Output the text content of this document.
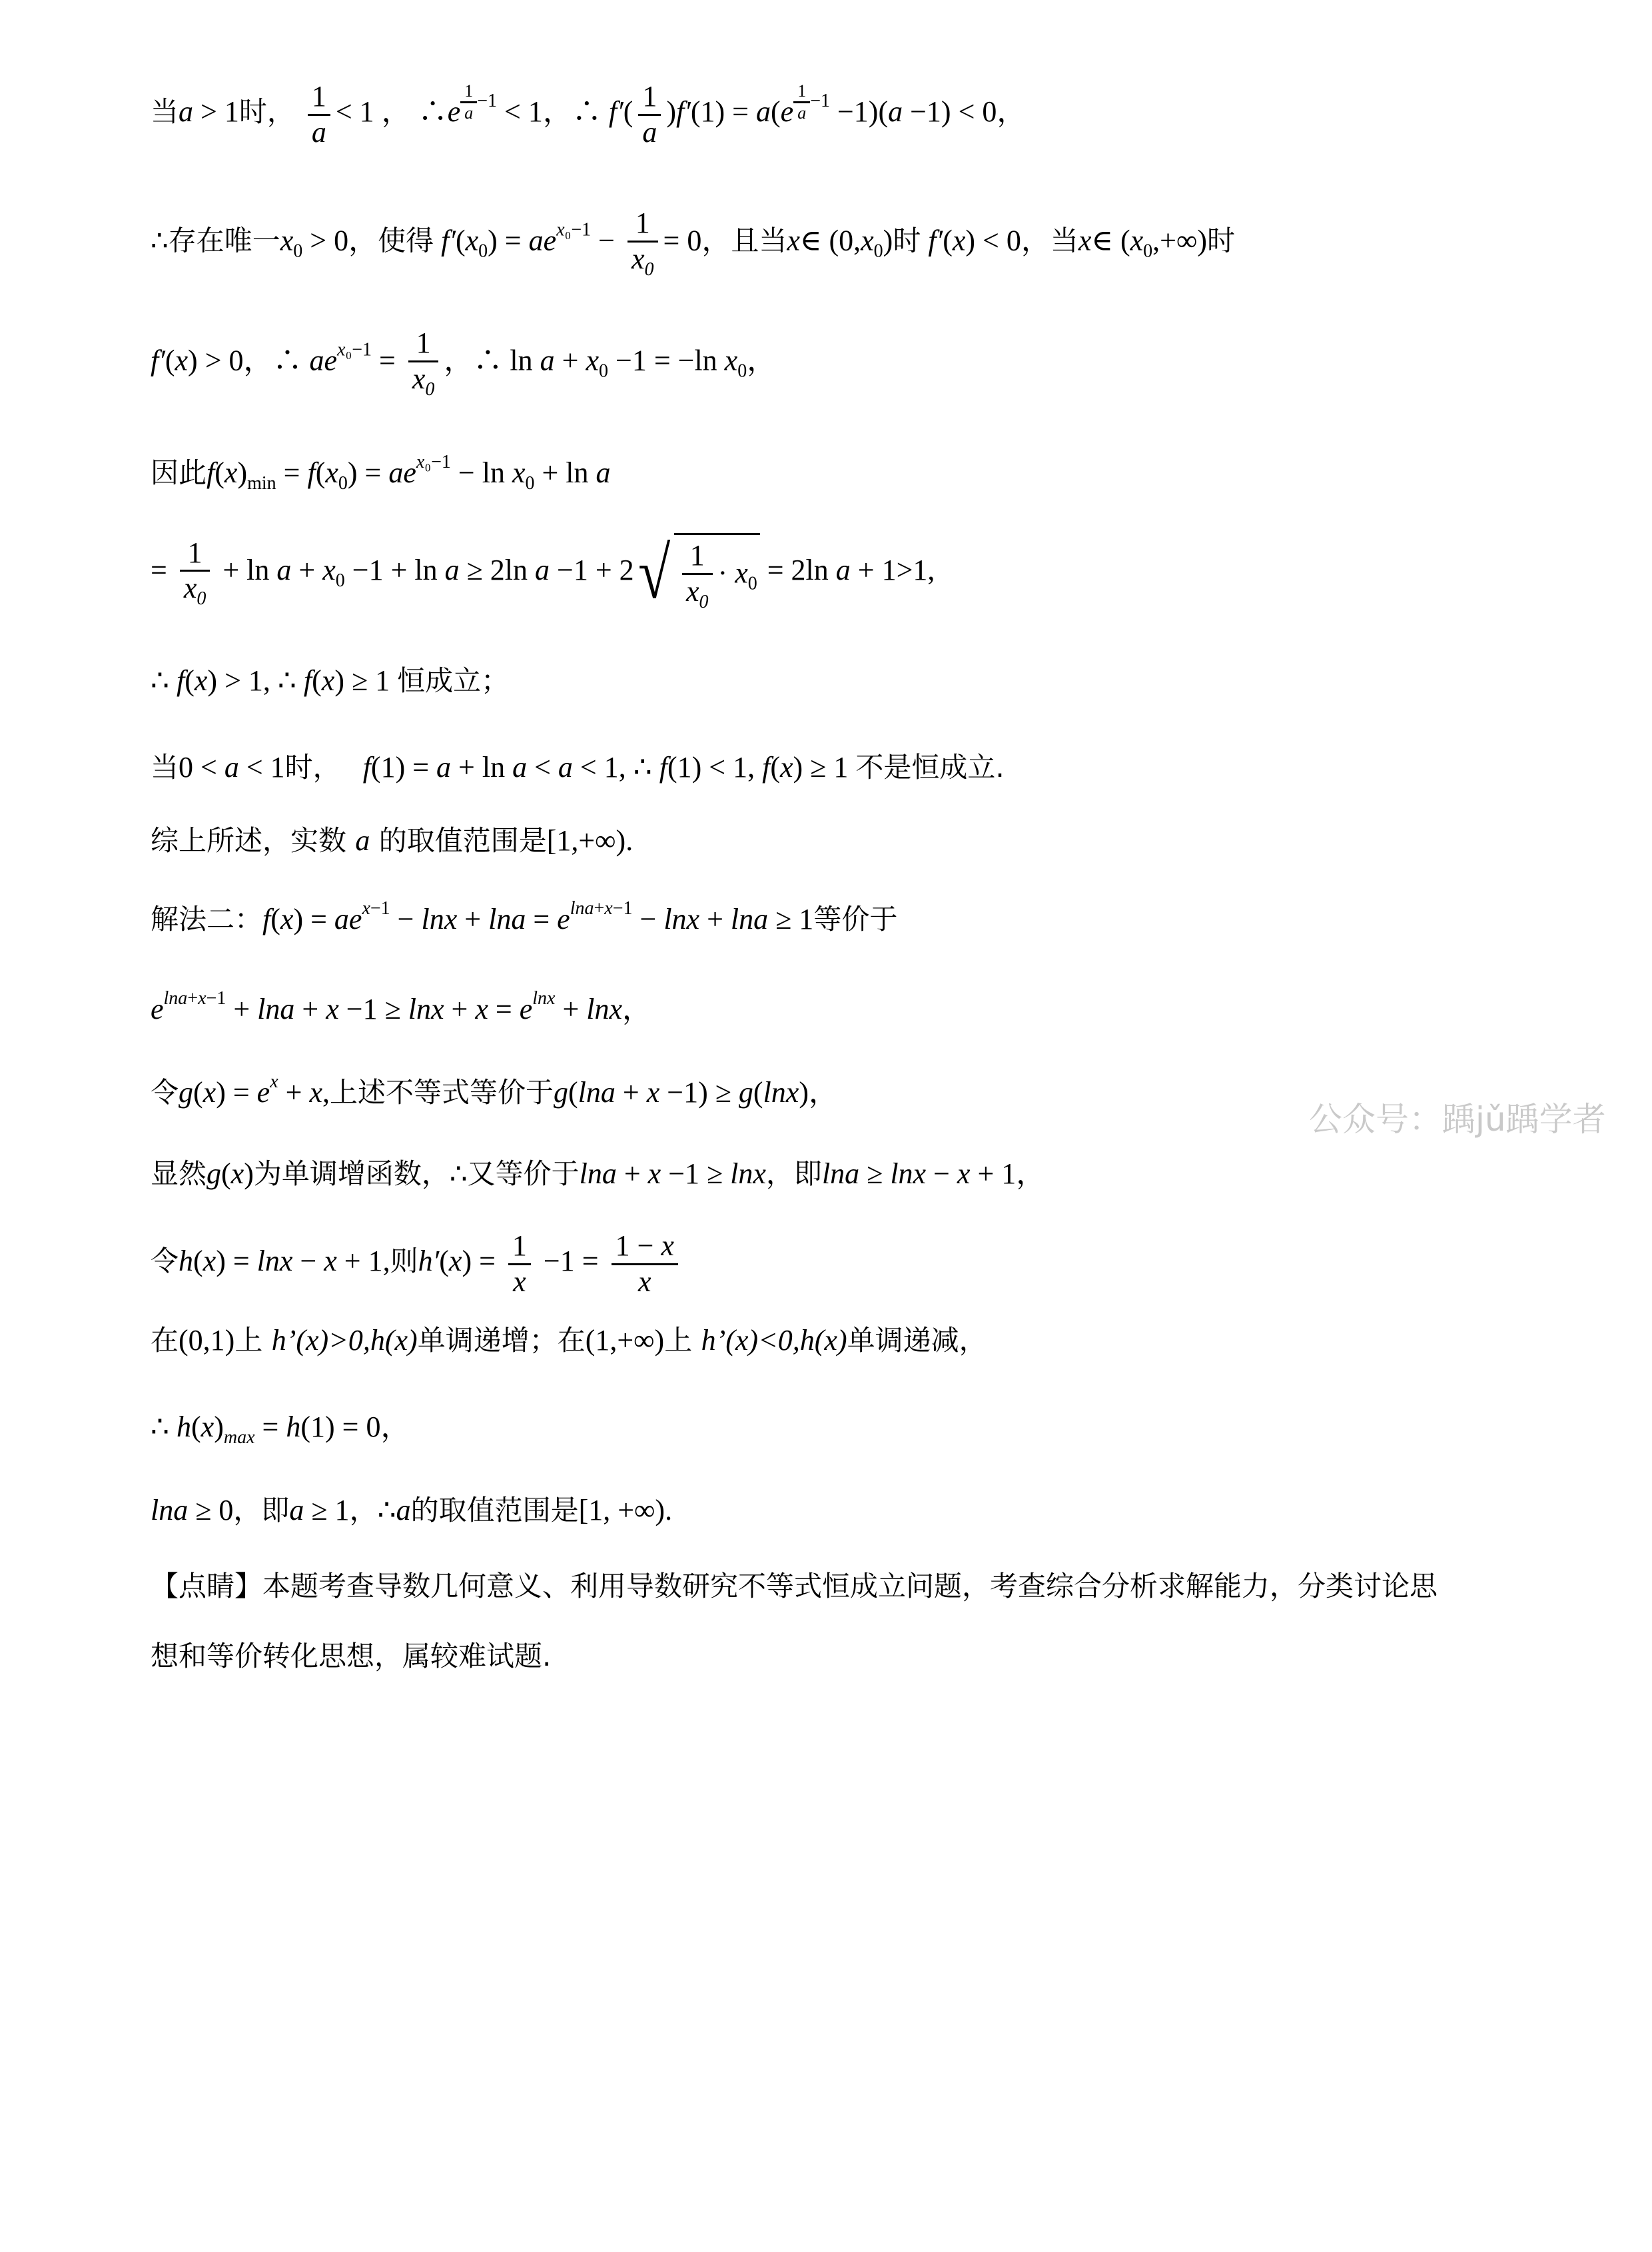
当a > 1时， $\frac{1}{a} < 1$ ， ∴e $^{\frac{1}{a} -1}$ < 1，∴ $f'( \frac{1}{a} )f'(1) = a(e$ $^{\frac{1}{a} -1}$ −1)(a −1) < 0，
∴存在唯一$x_0 > 0$，使得 $f'(x_0) = ae^{x_0-1} - \frac{1}{x_0} = 0$，且当x∈ $(0,x_0)$时 f′(x) < 0，当x∈ $(x_0,+\infty)$时
f′(x) > 0，∴ $ae^{x_0-1} = \frac{1}{x_0}$ ，∴ $\ln a + x_0 -1 = -\ln$ $x_0$，
因此$f(x)_{min} = f(x_0) = ae^{x_0-1} - \ln x_0 + \ln a$
= $\frac{1}{x_0} + \ln a + x_0 -1 + \ln a \ge 2\ln$ $a -1 + 2√ \frac{1}{x_0} \cdot x_0 = 2\ln$ a + 1>1,
∴ f(x) > 1, ∴ f(x) ≥ 1 恒成立；
当0 < a < 1时， f(1) = a + ln a < a < 1, ∴ f(1) < 1, f(x) ≥ 1 不是恒成立.
综上所述，实数 a 的取值范围是[1,+∞).
解法二：$f(x) = ae^{x-1} - \ln x + \ln a = e^{lna+x-1} - \ln x + \ln a \ge 1$等价于
$e^{lna+x-1} + \ln a + x -1 \ge \ln x + x = e^{lnx} + \ln x$，
令$g(x) = e^x + x$,上述不等式等价于g(lna + x −1) ≥ g(lnx)，
显然g(x)为单调增函数，∴又等价于lna + x −1 ≥ lnx，即lna ≥ lnx − x + 1，
令h(x) = lnx − x + 1,则$h'(x) = \frac{1}{x} -1 = \frac{1 - x}{x}$
在(0,1)上 h’(x)>0,h(x)单调递增；在(1,+∞)上 h’(x)<0,h(x)单调递减，
∴ $h(x)_{max} = h(1) = 0$，
lna ≥ 0，即a ≥ 1，∴a的取值范围是[1, +∞).
【点睛】本题考查导数几何意义、利用导数研究不等式恒成立问题，考查综合分析求解能力，分类讨论思
想和等价转化思想，属较难试题.
公众号：踽jǔ踽学者
